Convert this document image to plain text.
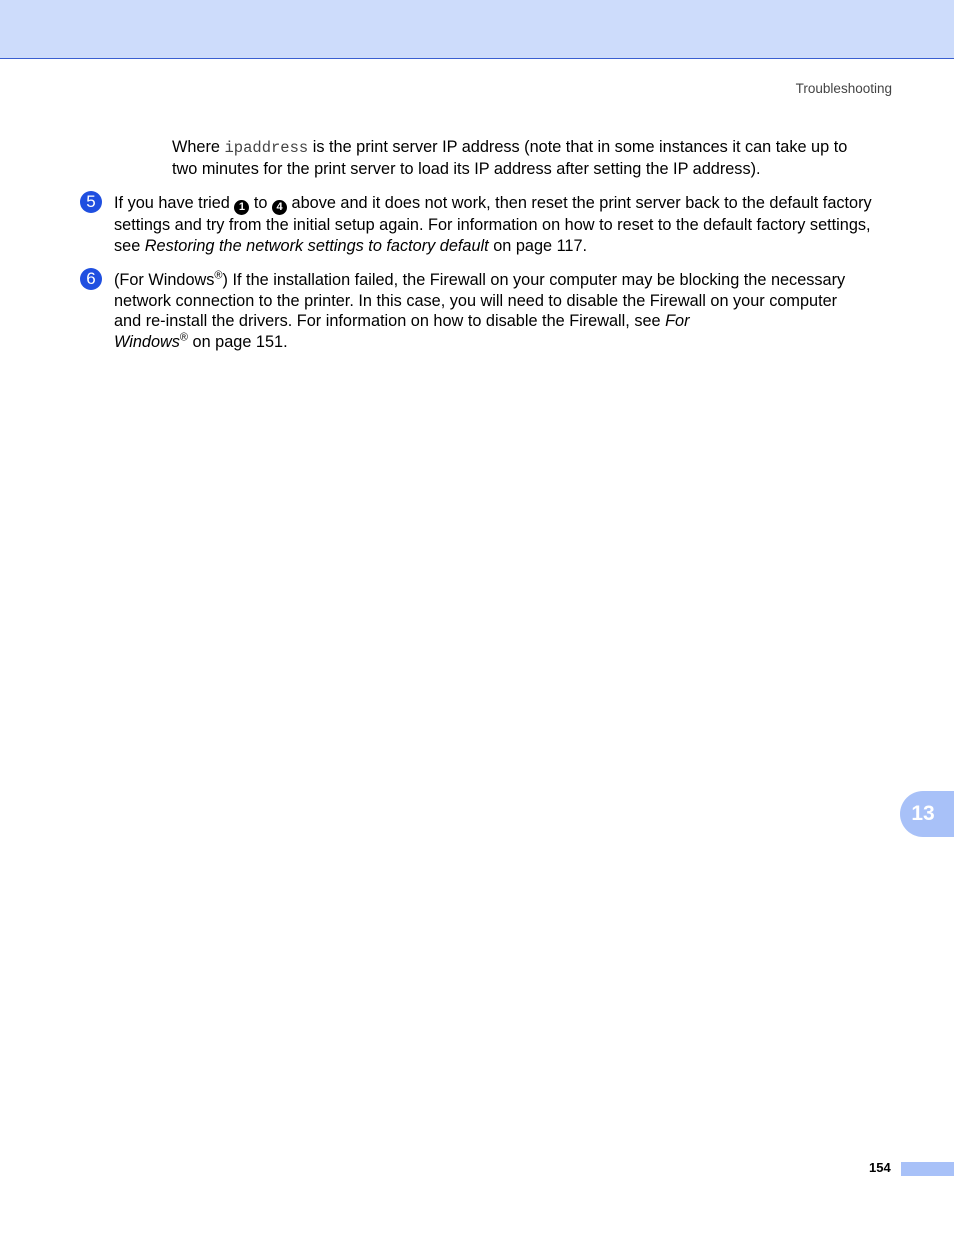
Troubleshooting
Where ipaddress is the print server IP address (note that in some instances it can take up to
two minutes for the print server to load its IP address after setting the IP address).
5	If you have tried 1 to 4 above and it does not work, then reset the print server back to the default factory
settings and try from the initial setup again. For information on how to reset to the default factory settings,
see Restoring the network settings to factory default on page 117.
6	(For Windows®) If the installation failed, the Firewall on your computer may be blocking the necessary
network connection to the printer. In this case, you will need to disable the Firewall on your computer
and re-install the drivers. For information on how to disable the Firewall, see For
Windows® on page 151.
13
154
